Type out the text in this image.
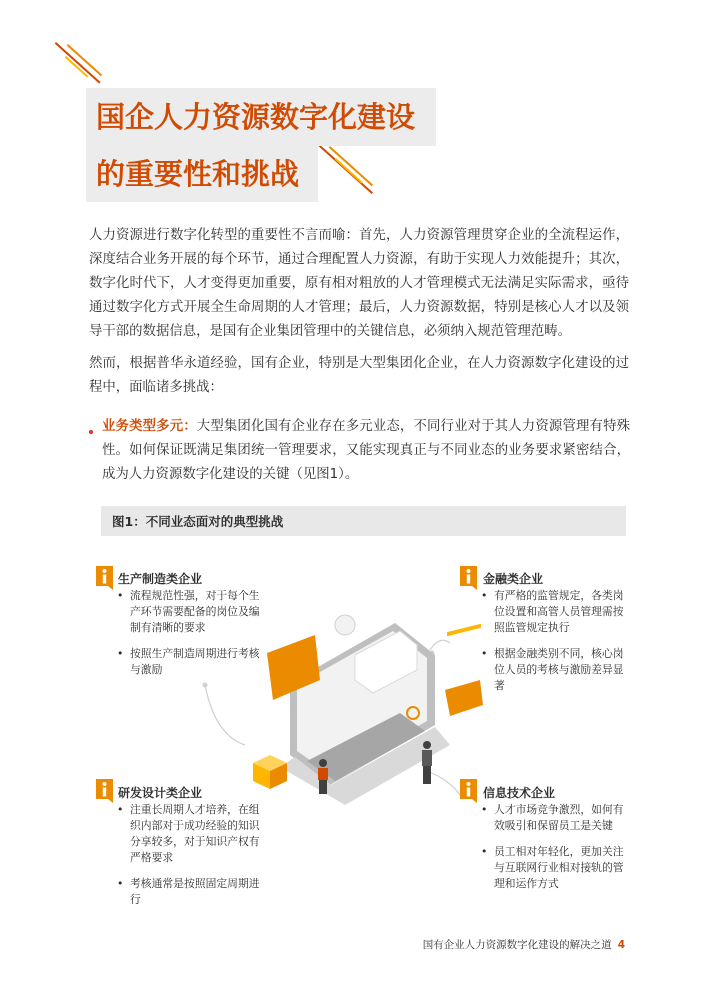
国企人力资源数字化建设
的重要性和挑战

人力资源进行数字化转型的重要性不言而喻：首先，人力资源管理贯穿企业的全流程运作，深度结合业务开展的每个环节，通过合理配置人力资源，有助于实现人力效能提升；其次，数字化时代下，人才变得更加重要，原有相对粗放的人才管理模式无法满足实际需求，亟待通过数字化方式开展全生命周期的人才管理；最后，人力资源数据，特别是核心人才以及领导干部的数据信息，是国有企业集团管理中的关键信息，必须纳入规范管理范畴。

然而，根据普华永道经验，国有企业，特别是大型集团化企业，在人力资源数字化建设的过程中，面临诸多挑战：

业务类型多元：大型集团化国有企业存在多元业态，不同行业对于其人力资源管理有特殊性。如何保证既满足集团统一管理要求，又能实现真正与不同业态的业务要求紧密结合，成为人力资源数字化建设的关键（见图1）。

图1：不同业态面对的典型挑战
生产制造类企业
• 流程规范性强，对于每个生产环节需要配备的岗位及编制有清晰的要求
• 按照生产制造周期进行考核与激励
金融类企业
• 有严格的监管规定，各类岗位设置和高管人员管理需按照监管规定执行
• 根据金融类别不同，核心岗位人员的考核与激励差异显著
研发设计类企业
• 注重长周期人才培养，在组织内部对于成功经验的知识分享较多，对于知识产权有严格要求
• 考核通常是按照固定周期进行
信息技术企业
• 人才市场竞争激烈，如何有效吸引和保留员工是关键
• 员工相对年轻化，更加关注与互联网行业相对接轨的管理和运作方式
国有企业人力资源数字化建设的解决之道 4
